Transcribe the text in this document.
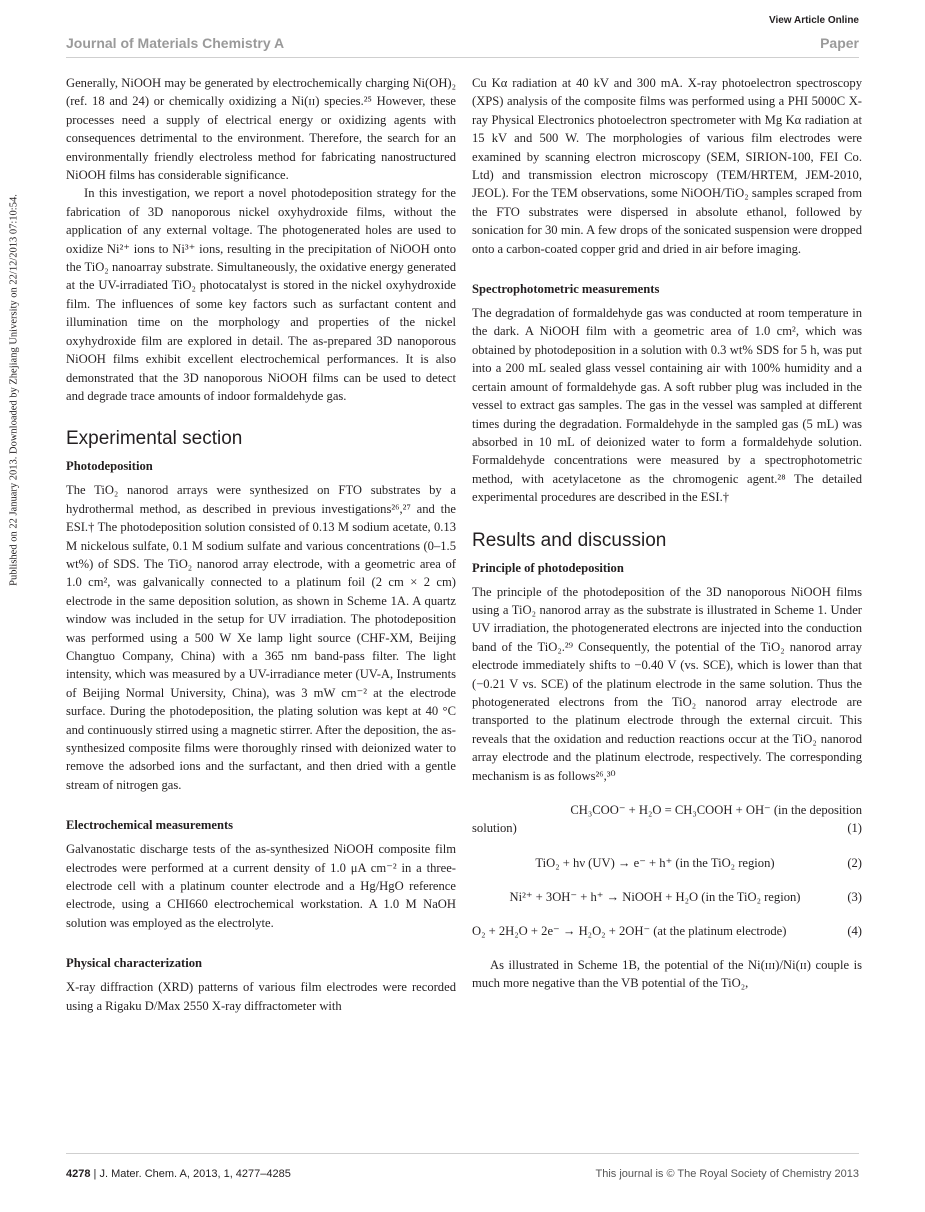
View Article Online
Journal of Materials Chemistry A	Paper
Published on 22 January 2013. Downloaded by Zhejiang University on 22/12/2013 07:10:54.

Generally, NiOOH may be generated by electrochemically charging Ni(OH)₂ (ref. 18 and 24) or chemically oxidizing a Ni(ɪɪ) species.²⁵ However, these processes need a supply of electrical energy or oxidizing agents with consequences detrimental to the environment. Therefore, the search for an environmentally friendly electroless method for fabricating nanostructured NiOOH films has considerable significance.

In this investigation, we report a novel photodeposition strategy for the fabrication of 3D nanoporous nickel oxyhydroxide films, without the application of any external voltage. The photogenerated holes are used to oxidize Ni²⁺ ions to Ni³⁺ ions, resulting in the precipitation of NiOOH onto the TiO₂ nanoarray substrate. Simultaneously, the oxidative energy generated at the UV-irradiated TiO₂ photocatalyst is stored in the nickel oxyhydroxide film. The influences of some key factors such as surfactant content and illumination time on the morphology and properties of the nickel oxyhydroxide film are explored in detail. The as-prepared 3D nanoporous NiOOH films exhibit excellent electrochemical performances. It is also demonstrated that the 3D nanoporous NiOOH films can be used to detect and degrade trace amounts of indoor formaldehyde gas.

Experimental section
Photodeposition

The TiO₂ nanorod arrays were synthesized on FTO substrates by a hydrothermal method, as described in previous investigations²⁶,²⁷ and the ESI.† The photodeposition solution consisted of 0.13 M sodium acetate, 0.13 M nickelous sulfate, 0.1 M sodium sulfate and various concentrations (0–1.5 wt%) of SDS. The TiO₂ nanorod array electrode, with a geometric area of 1.0 cm², was galvanically connected to a platinum foil (2 cm × 2 cm) electrode in the same deposition solution, as shown in Scheme 1A. A quartz window was included in the setup for UV irradiation. The photodeposition was performed using a 500 W Xe lamp light source (CHF-XM, Beijing Changtuo Company, China) with a 365 nm band-pass filter. The light intensity, which was measured by a UV-irradiance meter (UV-A, Instruments of Beijing Normal University, China), was 3 mW cm⁻² at the electrode surface. During the photodeposition, the plating solution was kept at 40 °C and continuously stirred using a magnetic stirrer. After the deposition, the as-synthesized composite films were thoroughly rinsed with deionized water to remove the adsorbed ions and the surfactant, and then dried with a gentle stream of nitrogen gas.

Electrochemical measurements

Galvanostatic discharge tests of the as-synthesized NiOOH composite film electrodes were performed at a current density of 1.0 μA cm⁻² in a three-electrode cell with a platinum counter electrode and a Hg/HgO reference electrode, using a CHI660 electrochemical workstation. A 1.0 M NaOH solution was employed as the electrolyte.

Physical characterization

X-ray diffraction (XRD) patterns of various film electrodes were recorded using a Rigaku D/Max 2550 X-ray diffractometer with

Cu Kα radiation at 40 kV and 300 mA. X-ray photoelectron spectroscopy (XPS) analysis of the composite films was performed using a PHI 5000C X-ray Physical Electronics photoelectron spectrometer with Mg Kα radiation at 15 kV and 500 W. The morphologies of various film electrodes were examined by scanning electron microscopy (SEM, SIRION-100, FEI Co. Ltd) and transmission electron microscopy (TEM/HRTEM, JEM-2010, JEOL). For the TEM observations, some NiOOH/TiO₂ samples scraped from the FTO substrates were dispersed in absolute ethanol, followed by sonication for 30 min. A few drops of the sonicated suspension were dropped onto a carbon-coated copper grid and dried in air before imaging.

Spectrophotometric measurements

The degradation of formaldehyde gas was conducted at room temperature in the dark. A NiOOH film with a geometric area of 1.0 cm², which was obtained by photodeposition in a solution with 0.3 wt% SDS for 5 h, was put into a 200 mL sealed glass vessel containing air with 100% humidity and a certain amount of formaldehyde gas. A soft rubber plug was included in the vessel to extract gas samples. The gas in the vessel was sampled at different times during the degradation. Formaldehyde in the sampled gas (5 mL) was absorbed in 10 mL of deionized water to form a formaldehyde solution. Formaldehyde concentrations were measured by a spectrophotometric method, with acetylacetone as the chromogenic agent.²⁸ The detailed experimental procedures are described in the ESI.†

Results and discussion
Principle of photodeposition

The principle of the photodeposition of the 3D nanoporous NiOOH films using a TiO₂ nanorod array as the substrate is illustrated in Scheme 1. Under UV irradiation, the photogenerated electrons are injected into the conduction band of the TiO₂.²⁹ Consequently, the potential of the TiO₂ nanorod array electrode immediately shifts to −0.40 V (vs. SCE), which is lower than that (−0.21 V vs. SCE) of the platinum electrode in the same solution. Thus the photogenerated electrons from the TiO₂ nanorod array electrode are transported to the platinum electrode through the external circuit. This reveals that the oxidation and reduction reactions occur at the TiO₂ nanorod array electrode and the platinum electrode, respectively. The corresponding mechanism is as follows²⁶,³⁰

CH₃COO⁻ + H₂O = CH₃COOH + OH⁻ (in the deposition
solution)	(1)
TiO₂ + hν (UV) → e⁻ + h⁺ (in the TiO₂ region)	(2)
Ni²⁺ + 3OH⁻ + h⁺ → NiOOH + H₂O (in the TiO₂ region)	(3)
O₂ + 2H₂O + 2e⁻ → H₂O₂ + 2OH⁻ (at the platinum electrode)	(4)

As illustrated in Scheme 1B, the potential of the Ni(ɪɪɪ)/Ni(ɪɪ) couple is much more negative than the VB potential of the TiO₂,

4278 | J. Mater. Chem. A, 2013, 1, 4277–4285	This journal is © The Royal Society of Chemistry 2013
